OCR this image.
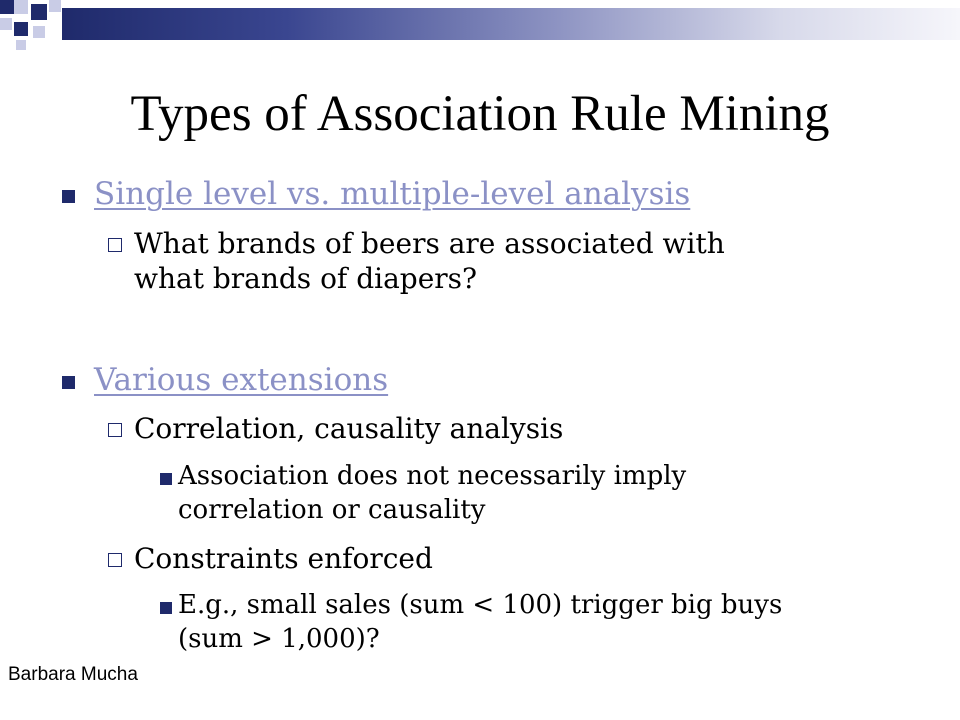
Types of Association Rule Mining
Single level vs. multiple-level analysis
What brands of beers are associated with
what brands of diapers?
Various extensions
Correlation, causality analysis
Association does not necessarily imply
correlation or causality
Constraints enforced
E.g., small sales (sum < 100) trigger big buys
(sum > 1,000)?
Barbara Mucha
